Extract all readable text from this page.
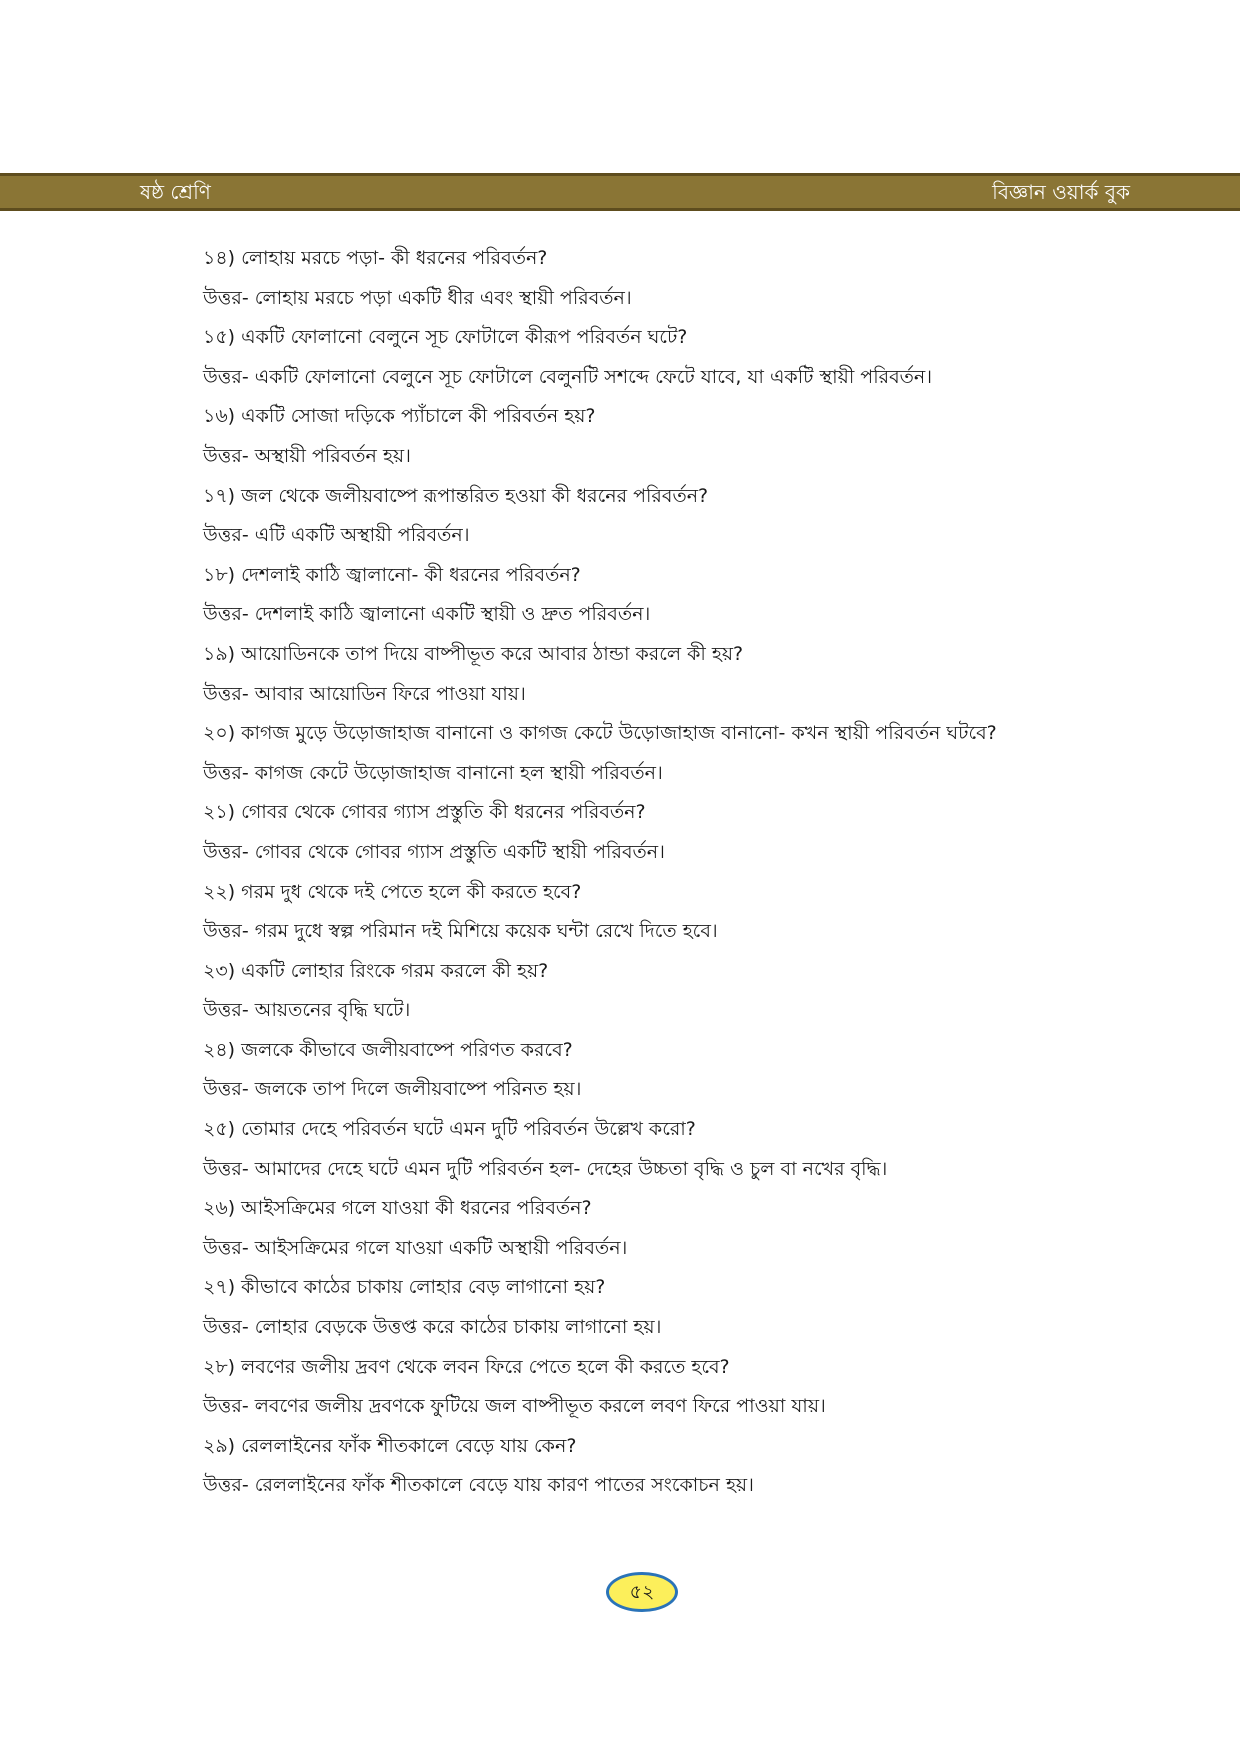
ষষ্ঠ শ্রেণি	বিজ্ঞান ওয়ার্ক বুক
১৪) লোহায় মরচে পড়া- কী ধরনের পরিবর্তন?
উত্তর- লোহায় মরচে পড়া একটি ধীর এবং স্থায়ী পরিবর্তন।
১৫) একটি ফোলানো বেলুনে সূচ ফোটালে কীরূপ পরিবর্তন ঘটে?
উত্তর- একটি ফোলানো বেলুনে সূচ ফোটালে বেলুনটি সশব্দে ফেটে যাবে, যা একটি স্থায়ী পরিবর্তন।
১৬) একটি সোজা দড়িকে প্যাঁচালে কী পরিবর্তন হয়?
উত্তর- অস্থায়ী পরিবর্তন হয়।
১৭) জল থেকে জলীয়বাষ্পে রূপান্তরিত হওয়া কী ধরনের পরিবর্তন?
উত্তর- এটি একটি অস্থায়ী পরিবর্তন।
১৮) দেশলাই কাঠি জ্বালানো- কী ধরনের পরিবর্তন?
উত্তর- দেশলাই কাঠি জ্বালানো একটি স্থায়ী ও দ্রুত পরিবর্তন।
১৯) আয়োডিনকে তাপ দিয়ে বাষ্পীভূত করে আবার ঠান্ডা করলে কী হয়?
উত্তর- আবার আয়োডিন ফিরে পাওয়া যায়।
২০) কাগজ মুড়ে উড়োজাহাজ বানানো ও কাগজ কেটে উড়োজাহাজ বানানো- কখন স্থায়ী পরিবর্তন ঘটবে?
উত্তর- কাগজ কেটে উড়োজাহাজ বানানো হল স্থায়ী পরিবর্তন।
২১) গোবর থেকে গোবর গ্যাস প্রস্তুতি কী ধরনের পরিবর্তন?
উত্তর- গোবর থেকে গোবর গ্যাস প্রস্তুতি একটি স্থায়ী পরিবর্তন।
২২) গরম দুধ থেকে দই পেতে হলে কী করতে হবে?
উত্তর- গরম দুধে স্বল্প পরিমান দই মিশিয়ে কয়েক ঘন্টা রেখে দিতে হবে।
২৩) একটি লোহার রিংকে গরম করলে কী হয়?
উত্তর- আয়তনের বৃদ্ধি ঘটে।
২৪) জলকে কীভাবে জলীয়বাষ্পে পরিণত করবে?
উত্তর- জলকে তাপ দিলে জলীয়বাষ্পে পরিনত হয়।
২৫) তোমার দেহে পরিবর্তন ঘটে এমন দুটি পরিবর্তন উল্লেখ করো?
উত্তর- আমাদের দেহে ঘটে এমন দুটি পরিবর্তন হল- দেহের উচ্চতা বৃদ্ধি ও চুল বা নখের বৃদ্ধি।
২৬) আইসক্রিমের গলে যাওয়া কী ধরনের পরিবর্তন?
উত্তর- আইসক্রিমের গলে যাওয়া একটি অস্থায়ী পরিবর্তন।
২৭) কীভাবে কাঠের চাকায় লোহার বেড় লাগানো হয়?
উত্তর- লোহার বেড়কে উত্তপ্ত করে কাঠের চাকায় লাগানো হয়।
২৮) লবণের জলীয় দ্রবণ থেকে লবন ফিরে পেতে হলে কী করতে হবে?
উত্তর- লবণের জলীয় দ্রবণকে ফুটিয়ে জল বাষ্পীভূত করলে লবণ ফিরে পাওয়া যায়।
২৯) রেললাইনের ফাঁক শীতকালে বেড়ে যায় কেন?
উত্তর- রেললাইনের ফাঁক শীতকালে বেড়ে যায় কারণ পাতের সংকোচন হয়।
৫২
